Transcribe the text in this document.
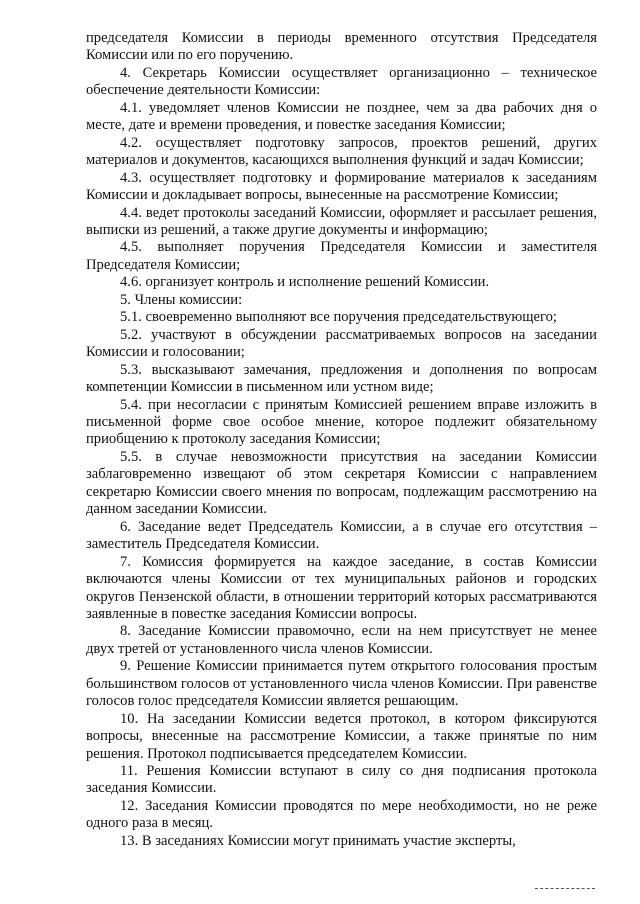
председателя Комиссии в периоды временного отсутствия Председателя Комиссии или по его поручению.

4. Секретарь Комиссии осуществляет организационно – техническое обеспечение деятельности Комиссии:

4.1. уведомляет членов Комиссии не позднее, чем за два рабочих дня о месте, дате и времени проведения, и повестке заседания Комиссии;

4.2. осуществляет подготовку запросов, проектов решений, других материалов и документов, касающихся выполнения функций и задач Комиссии;

4.3. осуществляет подготовку и формирование материалов к заседаниям Комиссии и докладывает вопросы, вынесенные на рассмотрение Комиссии;

4.4. ведет протоколы заседаний Комиссии, оформляет и рассылает решения, выписки из решений, а также другие документы и информацию;

4.5. выполняет поручения Председателя Комиссии и заместителя Председателя Комиссии;

4.6. организует контроль и исполнение решений Комиссии.

5. Члены комиссии:

5.1. своевременно выполняют все поручения председательствующего;

5.2. участвуют в обсуждении рассматриваемых вопросов на заседании Комиссии и голосовании;

5.3. высказывают замечания, предложения и дополнения по вопросам компетенции Комиссии в письменном или устном виде;

5.4. при несогласии с принятым Комиссией решением вправе изложить в письменной форме свое особое мнение, которое подлежит обязательному приобщению к протоколу заседания Комиссии;

5.5. в случае невозможности присутствия на заседании Комиссии заблаговременно извещают об этом секретаря Комиссии с направлением секретарю Комиссии своего мнения по вопросам, подлежащим рассмотрению на данном заседании Комиссии.

6. Заседание ведет Председатель Комиссии, а в случае его отсутствия – заместитель Председателя Комиссии.

7. Комиссия формируется на каждое заседание, в состав Комиссии включаются члены Комиссии от тех муниципальных районов и городских округов Пензенской области, в отношении территорий которых рассматриваются заявленные в повестке заседания Комиссии вопросы.

8. Заседание Комиссии правомочно, если на нем присутствует не менее двух третей от установленного числа членов Комиссии.

9. Решение Комиссии принимается путем открытого голосования простым большинством голосов от установленного числа членов Комиссии. При равенстве голосов голос председателя Комиссии является решающим.

10. На заседании Комиссии ведется протокол, в котором фиксируются вопросы, внесенные на рассмотрение Комиссии, а также принятые по ним решения. Протокол подписывается председателем Комиссии.

11. Решения Комиссии вступают в силу со дня подписания протокола заседания Комиссии.

12. Заседания Комиссии проводятся по мере необходимости, но не реже одного раза в месяц.

13. В заседаниях Комиссии могут принимать участие эксперты,
